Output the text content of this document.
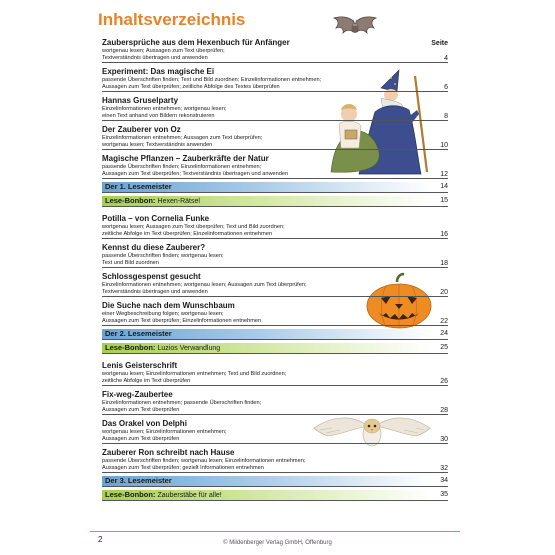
Inhaltsverzeichnis
Seite
Zaubersprüche aus dem Hexenbuch für Anfänger
wortgenau lesen; Aussagen zum Text überprüfen;
Textverständnis übertragen und anwenden	4
Experiment: Das magische Ei
passende Überschriften finden; Text und Bild zuordnen; Einzelinformationen entnehmen;
Aussagen zum Text überprüfen; zeitliche Abfolge des Textes überprüfen	6
Hannas Gruselparty
Einzelinformationen entnehmen; wortgenau lesen;
einen Text anhand von Bildern rekonstruieren	8
Der Zauberer von Oz
Einzelinformationen entnehmen; Aussagen zum Text überprüfen;
wortgenau lesen; Textverständnis anwenden	10
Magische Pflanzen – Zauberkräfte der Natur
passende Überschriften finden; Einzelinformationen entnehmen;
Aussagen zum Text überprüfen; Textverständnis übertragen und anwenden	12
Der 1. Lesemeister	14
Lese-Bonbon: Hexen-Rätsel	15
Potilla – von Cornelia Funke
wortgenau lesen; Aussagen zum Text überprüfen; Text und Bild zuordnen;
zeitliche Abfolge im Text überprüfen; Einzelinformationen entnehmen	16
Kennst du diese Zauberer?
passende Überschriften finden; wortgenau lesen;
Text und Bild zuordnen	18
Schlossgespenst gesucht
Einzelinformationen entnehmen; wortgenau lesen; Aussagen zum Text überprüfen;
Textverständnis übertragen und anwenden	20
Die Suche nach dem Wunschbaum
einer Wegbeschreibung folgen; wortgenau lesen;
Aussagen zum Text überprüfen; Einzelinformationen entnehmen	22
Der 2. Lesemeister	24
Lese-Bonbon: Luzios Verwandlung	25
Lenis Geisterschrift
wortgenau lesen; Einzelinformationen entnehmen; Text und Bild zuordnen;
zeitliche Abfolge im Text überprüfen	26
Fix-weg-Zaubertee
Einzelinformationen entnehmen; passende Überschriften finden;
Aussagen zum Text überprüfen	28
Das Orakel von Delphi
wortgenau lesen; Einzelinformationen entnehmen;
Aussagen zum Text überprüfen	30
Zauberer Ron schreibt nach Hause
passende Überschriften finden; wortgenau lesen; Einzelinformationen entnehmen;
Aussagen zum Text überprüfen; gezielt Informationen entnehmen	32
Der 3. Lesemeister	34
Lese-Bonbon: Zauberstäbe für alle!	35
2	© Mildenberger Verlag GmbH, Offenburg
